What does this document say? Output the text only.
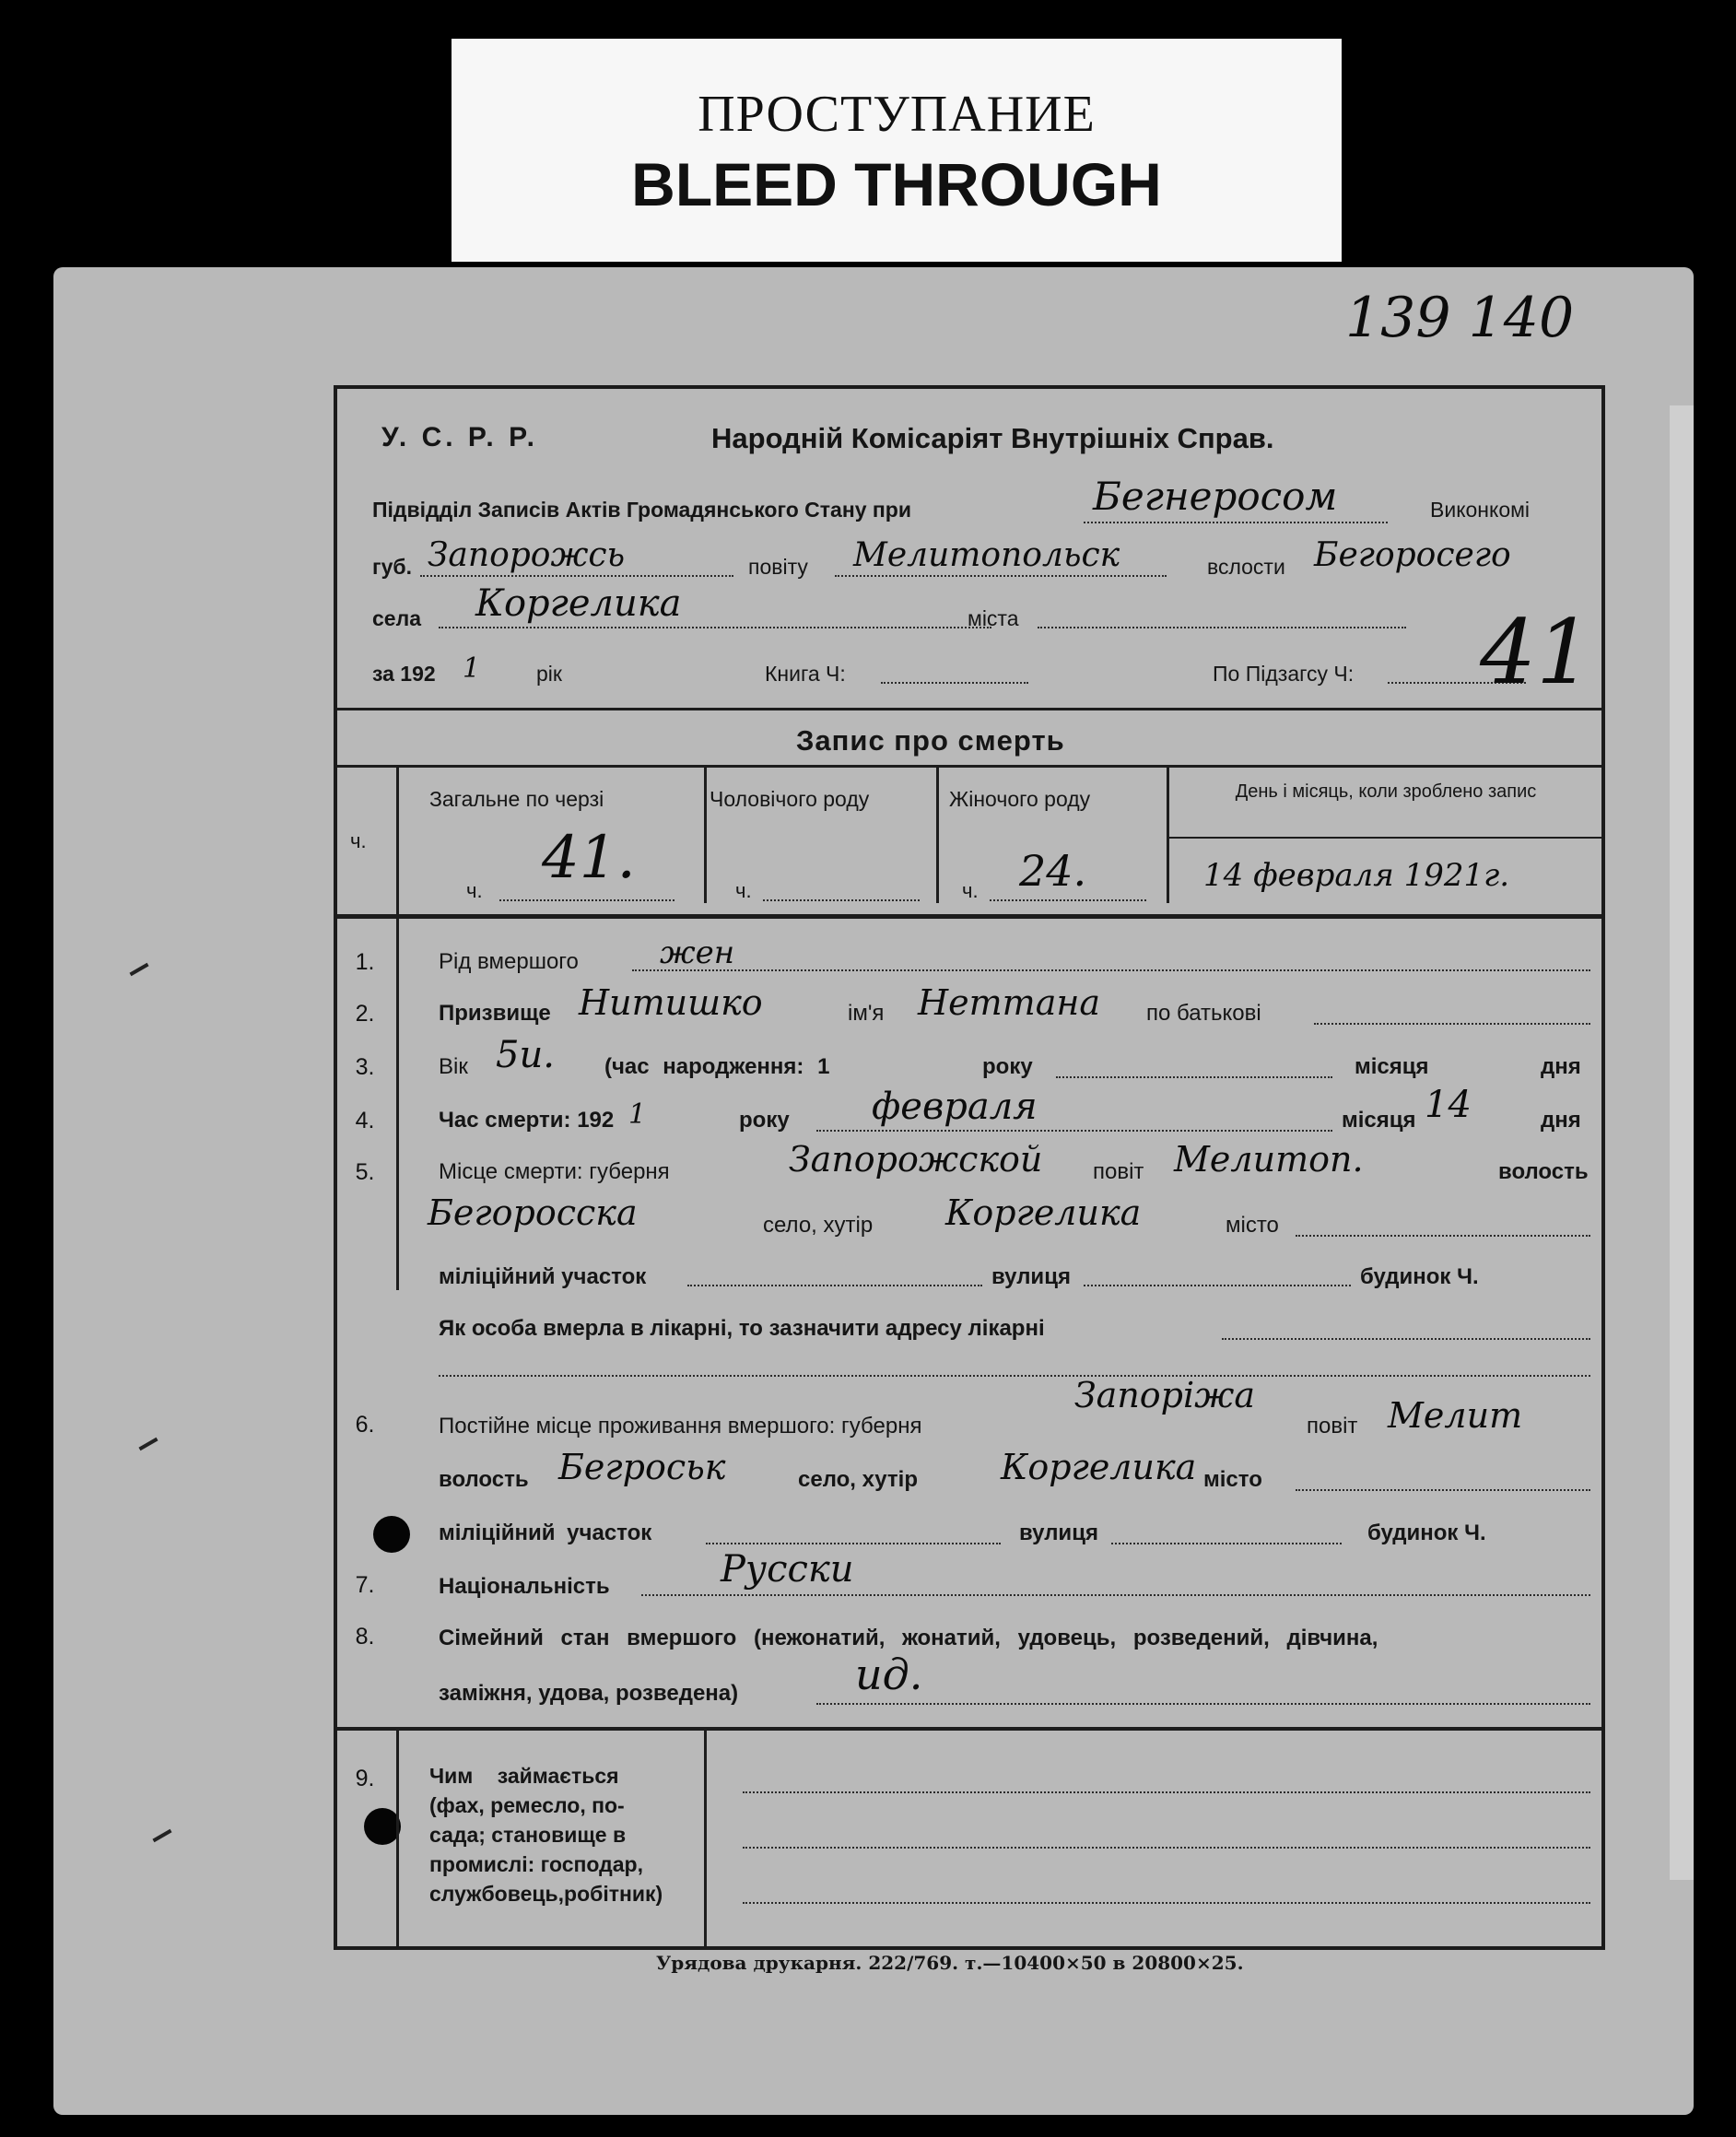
ПРОСТУПАНИЕ
BLEED THROUGH
139 140
У. С. Р. Р.	Народній Комісаріят Внутрішніх Справ.
Підвідділ Записів Актів Громадянського Стану при	Бегнеросом	Виконкомі
губ. Запорожсь	повіту Мелитопольск	вслости Бегоросего
села Коргелика	міста
за 192 1	рік	Книга Ч:	По Підзагсу Ч: 41
Запис про смерть
ч.
Загальне по черзі	Чоловічого роду	Жіночого роду	День і місяць, коли зроблено запис
ч. 41.	ч.	ч. 24.	14 февраля 1921г.
1.	Рід вмершого	жен
2.	Призвище Нитишко	ім'я Неттана по батькові
3.	Вік 5и. (час народження: 1	року	місяця	дня
4.	Час смерти: 192 1	року февраля	місяця 14	дня
5.	Місце смерти: губерня	Запорожской повіт Мелитоп.	волость
Бегоросска	село, хутір Коргелика	місто
міліційний участок	вулиця	будинок Ч.
Як особа вмерла в лікарні, то зазначити адресу лікарні
6.	Постійне місце проживання вмершого: губерня
Запоріжа
повіт Мелит
волость Бегроськ	село, хутір Коргелика місто
міліційний участок	вулиця	будинок Ч.
7.	Національність	Русски
8.	Сімейний стан вмершого (нежонатий, жонатий, удовець, розведений, дівчина,
заміжня, удова, розведена)	ид.
9.	Чим займається
(фах, ремесло, по-
сада; становище в
промислі: господар,
службовець,робітник)
Урядова друкарня. 222/769. т.—10400×50 в 20800×25.
